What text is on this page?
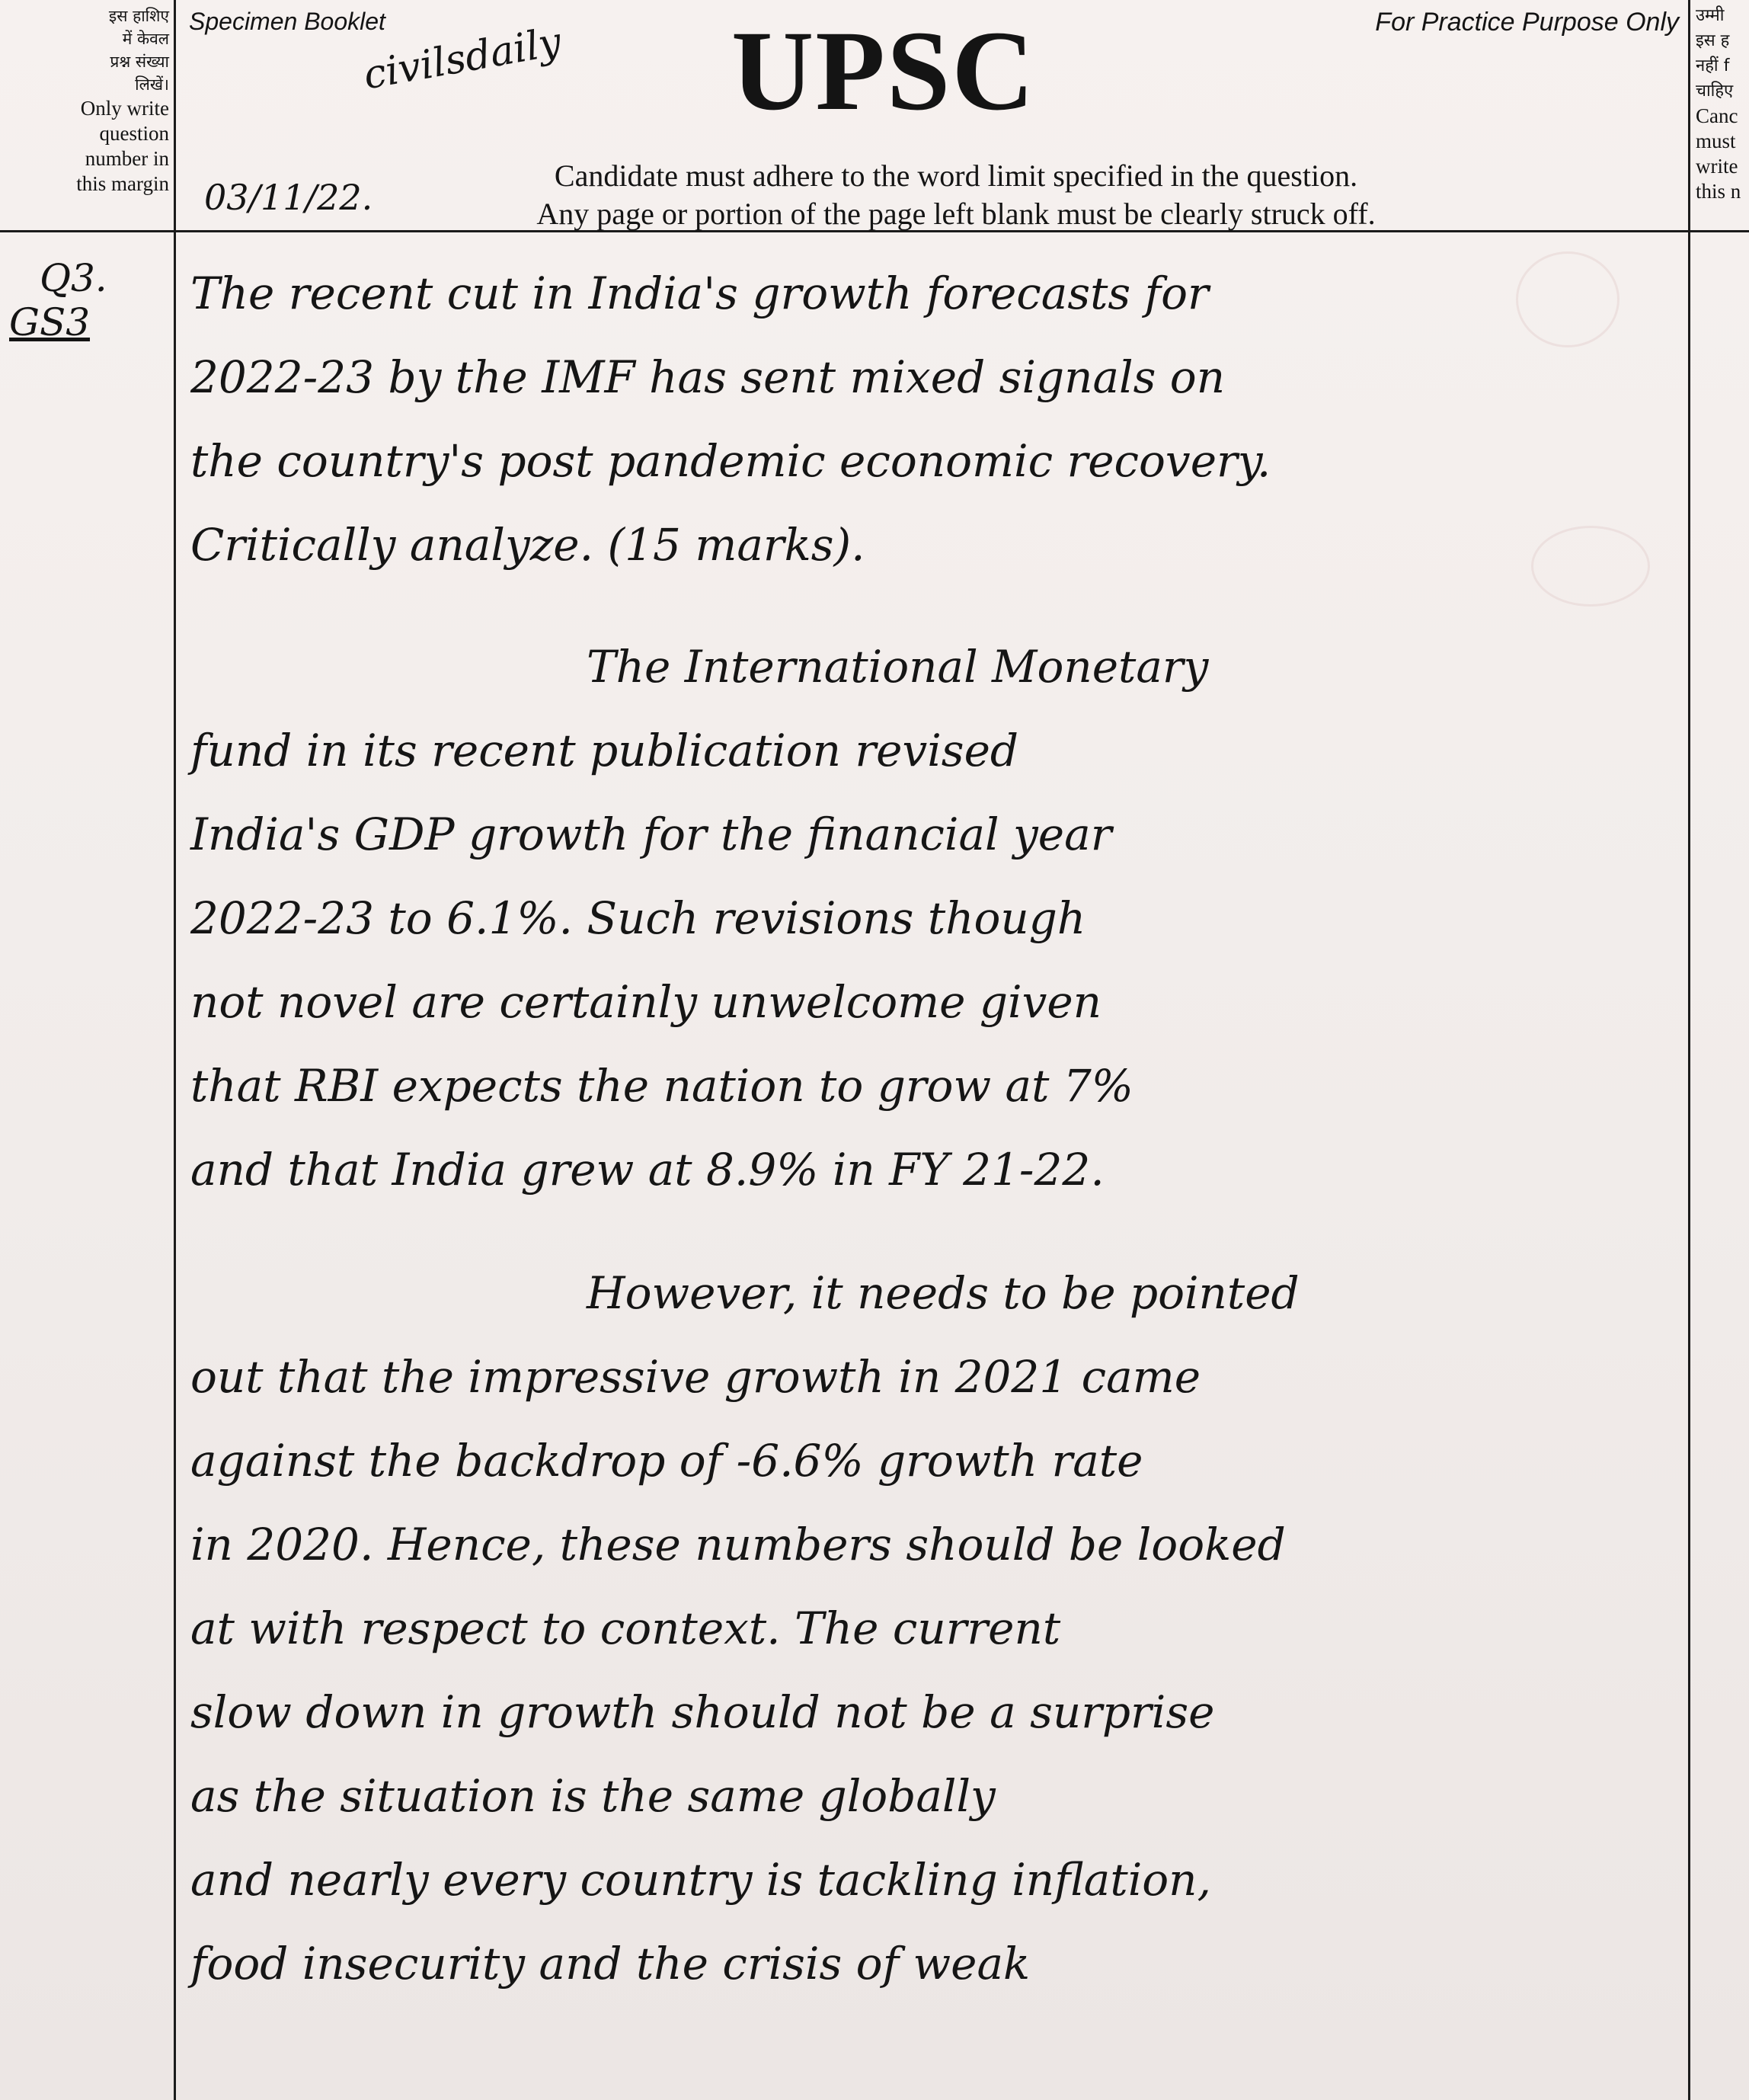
इस हाशिए
में केवल
प्रश्न संख्या
लिखें।
Only write
question
number in
this margin
उम्मी
इस ह
नहीं f
चाहिए
Canc
must
write
this n
Specimen Booklet	For Practice Purpose Only
UPSC
civilsdaily
03/11/22.
Candidate must adhere to the word limit specified in the question.
Any page or portion of the page left blank must be clearly struck off.
Q3.
GS3
The recent cut in India's growth forecasts for
2022-23 by the IMF has sent mixed signals on
the country's post pandemic economic recovery.
Critically analyze. (15 marks).
The International Monetary
fund in its recent publication revised
India's GDP growth for the financial year
2022-23 to 6.1%. Such revisions though
not novel are certainly unwelcome given
that RBI expects the nation to grow at 7%
and that India grew at 8.9% in FY 21-22.
However, it needs to be pointed
out that the impressive growth in 2021 came
against the backdrop of -6.6% growth rate
in 2020. Hence, these numbers should be looked
at with respect to context. The current
slow down in growth should not be a surprise
as the situation is the same globally
and nearly every country is tackling inflation,
food insecurity and the crisis of weak
